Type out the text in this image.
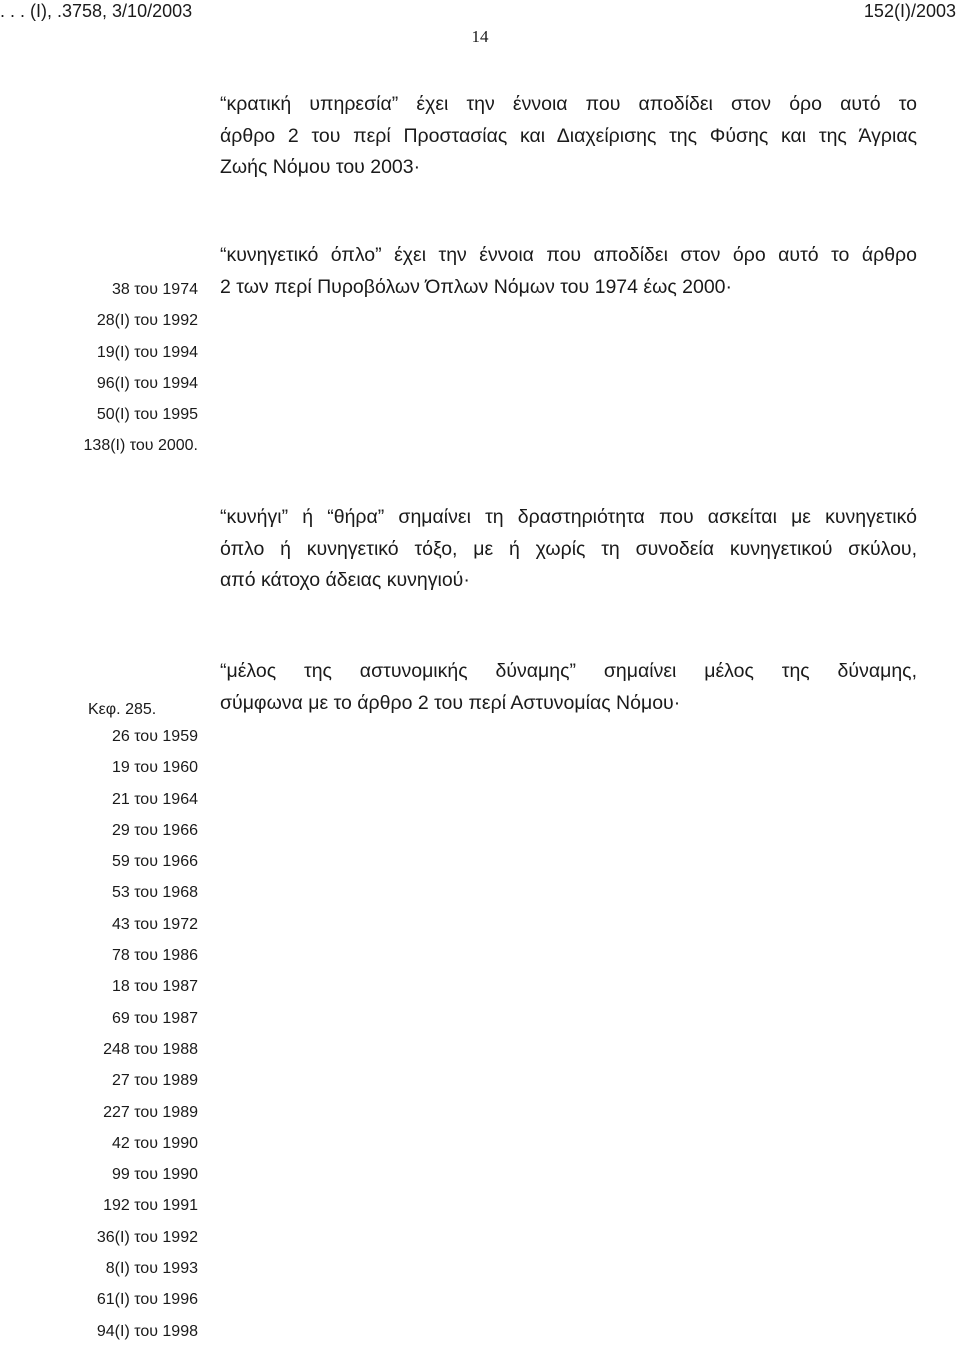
. . . (Ι), .3758, 3/10/2003	152(Ι)/2003
14

“κρατική υπηρεσία” έχει την έννοια που αποδίδει στον όρο αυτό το

άρθρο 2 του περί Προστασίας και Διαχείρισης της Φύσης και της Άγριας

Ζωής Νόμου του 2003·

“κυνηγετικό όπλο” έχει την έννοια που αποδίδει στον όρο αυτό το άρθρο

2 των περί Πυροβόλων Όπλων Νόμων του 1974 έως 2000·

“κυνήγι” ή “θήρα” σημαίνει τη δραστηριότητα που ασκείται με κυνηγετικό

όπλο ή κυνηγετικό τόξο, με ή χωρίς τη συνοδεία κυνηγετικού σκύλου,

από κάτοχο άδειας κυνηγιού·

“μέλος της αστυνομικής δύναμης” σημαίνει μέλος της δύναμης,

σύμφωνα με το άρθρο 2 του περί Αστυνομίας Νόμου·

38 του 1974
28(Ι) του 1992
19(Ι) του 1994
96(Ι) του 1994
50(Ι) του 1995
138(Ι) του 2000.
Κεφ. 285.
26 του 1959
19 του 1960
21 του 1964
29 του 1966
59 του 1966
53 του 1968
43 του 1972
78 του 1986
18 του 1987
69 του 1987
248 του 1988
27 του 1989
227 του 1989
42 του 1990
99 του 1990
192 του 1991
36(Ι) του 1992
8(Ι) του 1993
61(Ι) του 1996
94(Ι) του 1998
